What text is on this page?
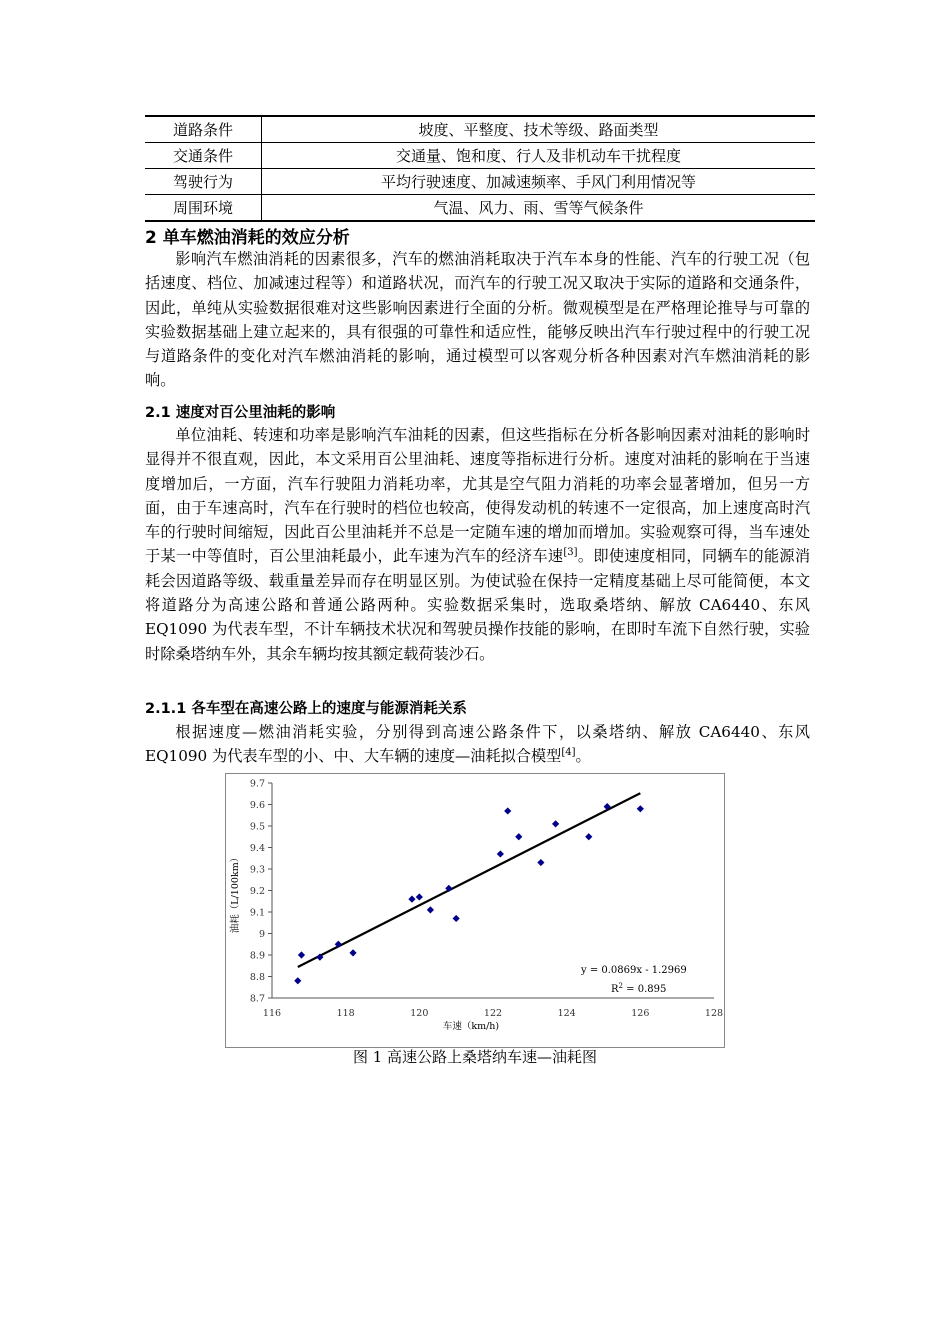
道路条件	坡度、平整度、技术等级、路面类型
交通条件	交通量、饱和度、行人及非机动车干扰程度
驾驶行为	平均行驶速度、加减速频率、手风门利用情况等
周围环境	气温、风力、雨、雪等气候条件
2 单车燃油消耗的效应分析

影响汽车燃油消耗的因素很多，汽车的燃油消耗取决于汽车本身的性能、汽车的行驶工况（包括速度、档位、加减速过程等）和道路状况，而汽车的行驶工况又取决于实际的道路和交通条件，因此，单纯从实验数据很难对这些影响因素进行全面的分析。微观模型是在严格理论推导与可靠的实验数据基础上建立起来的，具有很强的可靠性和适应性，能够反映出汽车行驶过程中的行驶工况与道路条件的变化对汽车燃油消耗的影响，通过模型可以客观分析各种因素对汽车燃油消耗的影响。

2.1 速度对百公里油耗的影响

单位油耗、转速和功率是影响汽车油耗的因素，但这些指标在分析各影响因素对油耗的影响时显得并不很直观，因此，本文采用百公里油耗、速度等指标进行分析。速度对油耗的影响在于当速度增加后，一方面，汽车行驶阻力消耗功率，尤其是空气阻力消耗的功率会显著增加，但另一方面，由于车速高时，汽车在行驶时的档位也较高，使得发动机的转速不一定很高，加上速度高时汽车的行驶时间缩短，因此百公里油耗并不总是一定随车速的增加而增加。实验观察可得，当车速处于某一中等值时，百公里油耗最小，此车速为汽车的经济车速[3]。即使速度相同，同辆车的能源消耗会因道路等级、载重量差异而存在明显区别。为使试验在保持一定精度基础上尽可能简便，本文将道路分为高速公路和普通公路两种。实验数据采集时，选取桑塔纳、解放 CA6440、东风 EQ1090 为代表车型，不计车辆技术状况和驾驶员操作技能的影响，在即时车流下自然行驶，实验时除桑塔纳车外，其余车辆均按其额定载荷装沙石。

2.1.1 各车型在高速公路上的速度与能源消耗关系

根据速度—燃油消耗实验，分别得到高速公路条件下，以桑塔纳、解放 CA6440、东风 EQ1090 为代表车型的小、中、大车辆的速度—油耗拟合模型[4]。

116	118	120	122	124	126	128
8.7
8.8
8.9
9
9.1
9.2
9.3
9.4
9.5
9.6
9.7
y = 0.0869x - 1.2969
$R^2 = 0.895$
车速（km/h)
油耗（L/100km）
图 1 高速公路上桑塔纳车速—油耗图
